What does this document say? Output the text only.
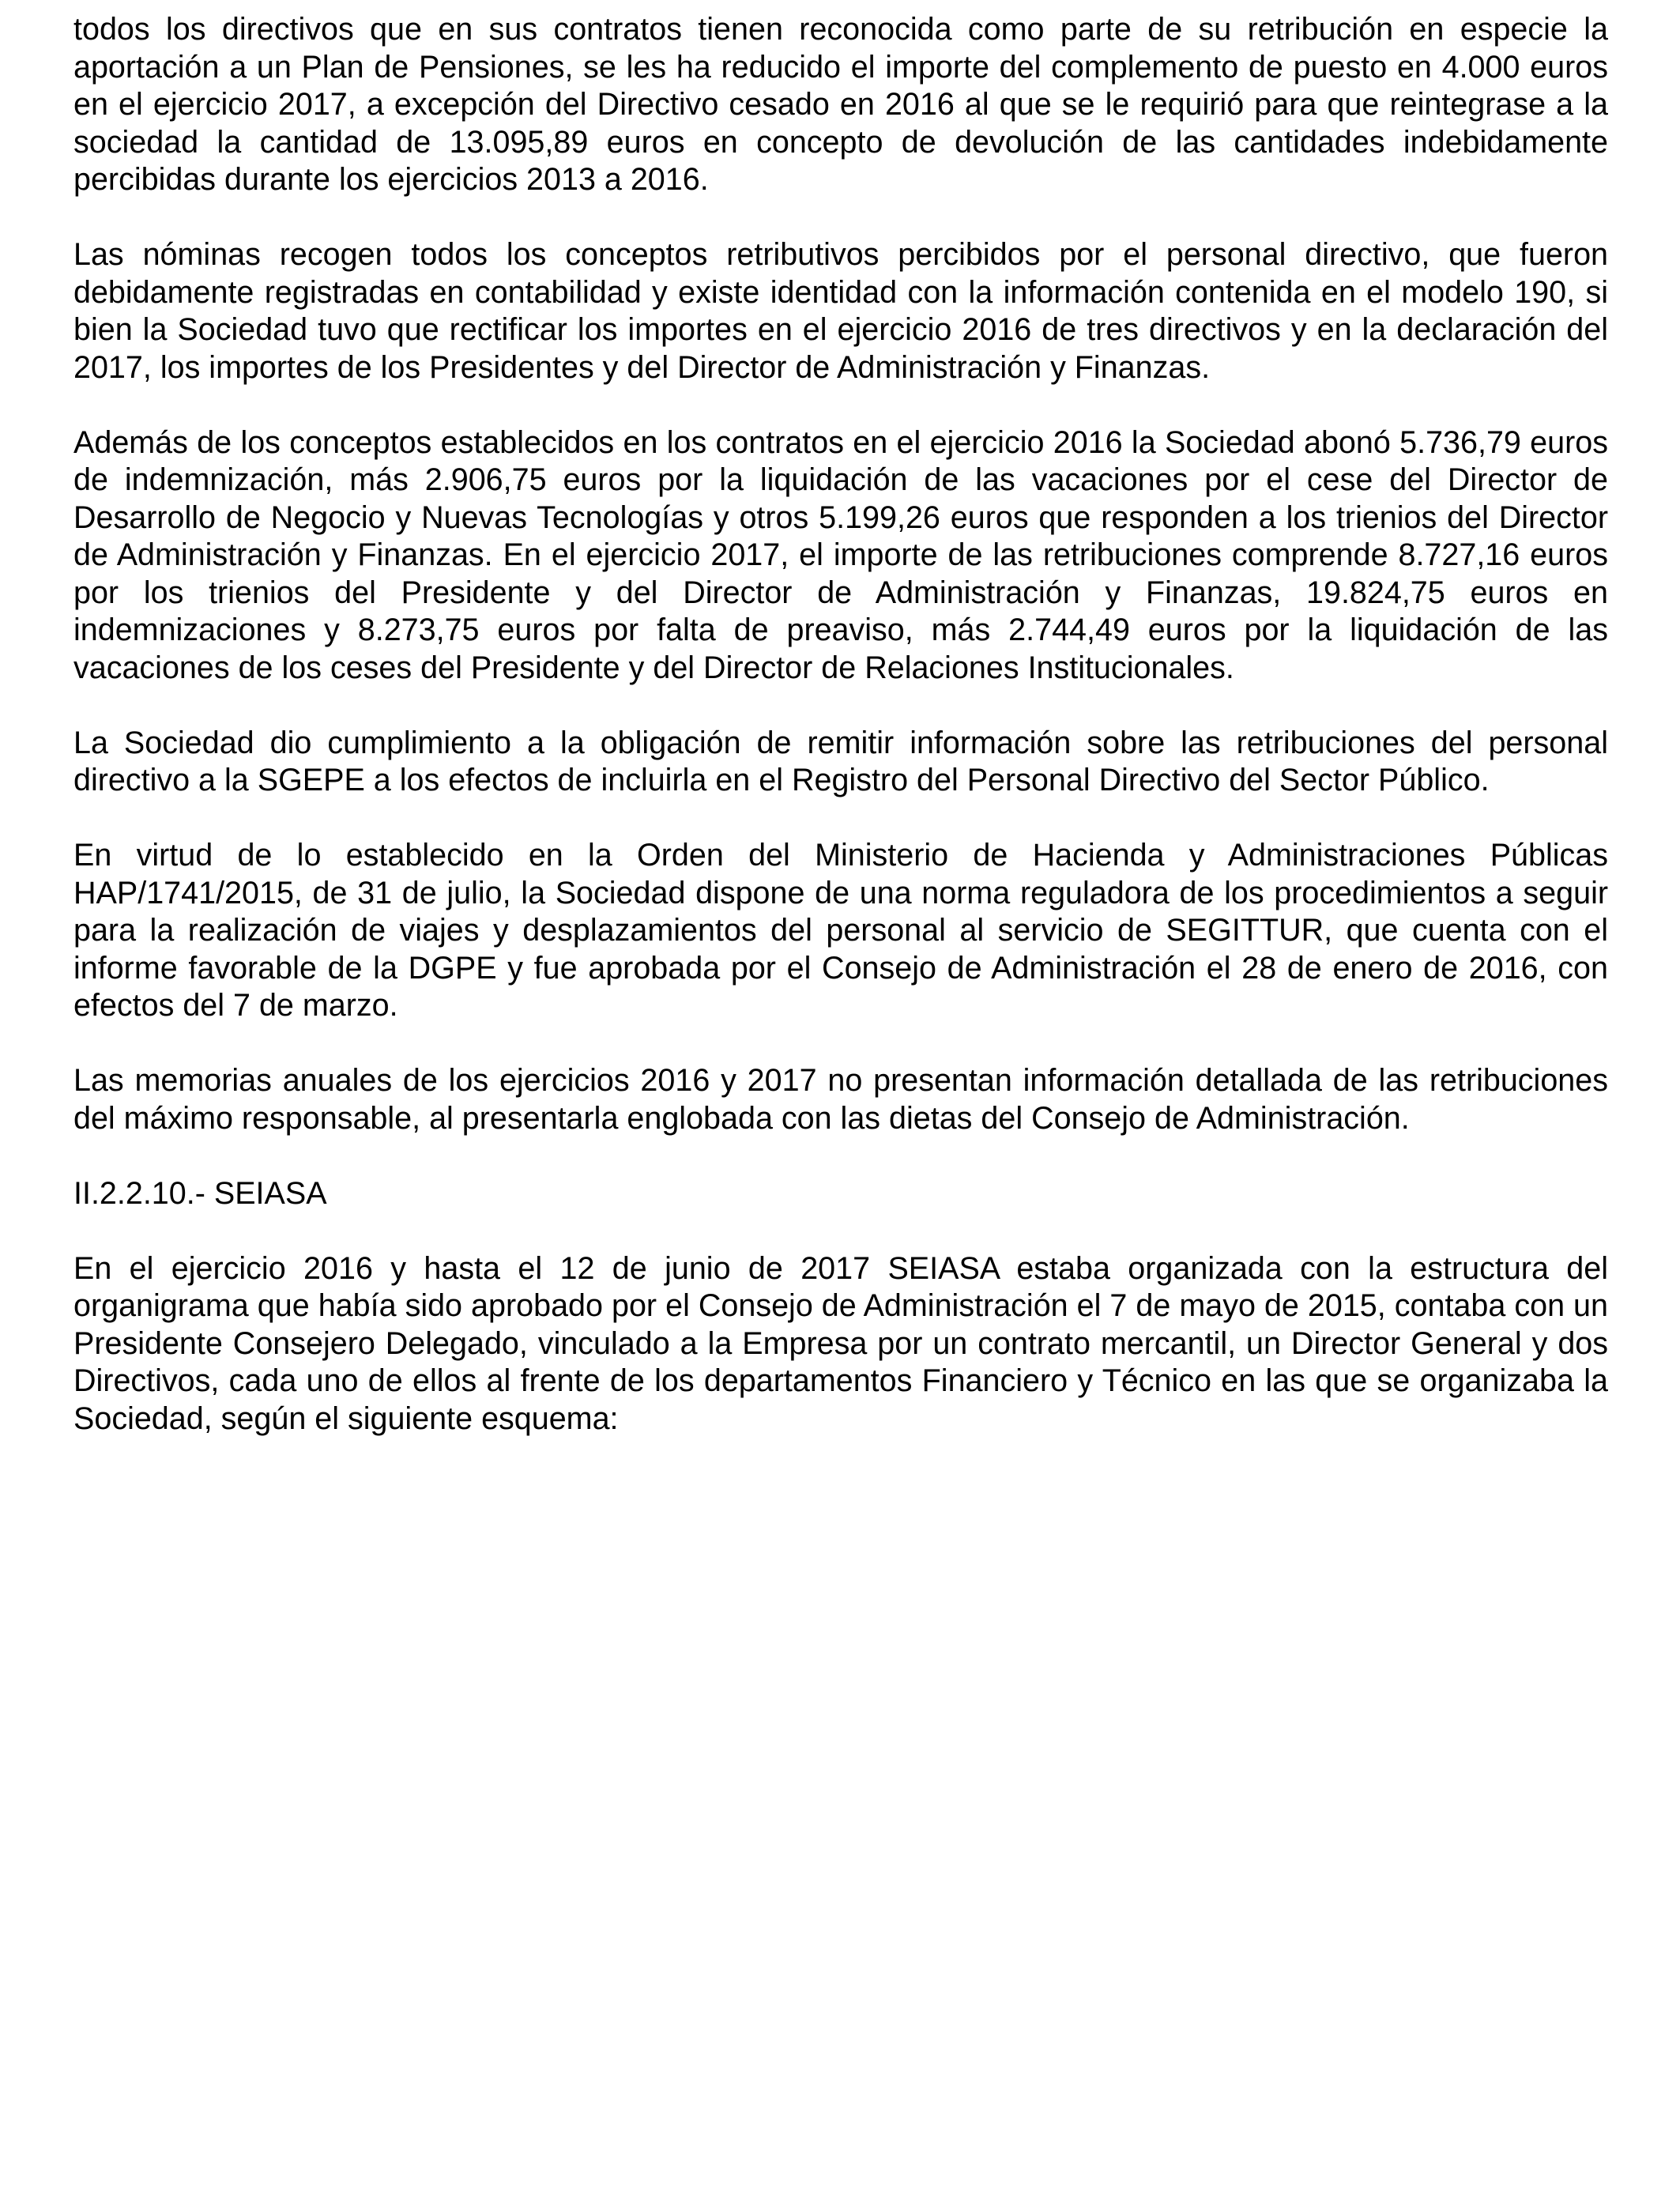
todos los directivos que en sus contratos tienen reconocida como parte de su retribución en especie la aportación a un Plan de Pensiones, se les ha reducido el importe del complemento de puesto en 4.000 euros en el ejercicio 2017, a excepción del Directivo cesado en 2016 al que se le requirió para que reintegrase a la sociedad la cantidad de 13.095,89 euros en concepto de devolución de las cantidades indebidamente percibidas durante los ejercicios 2013 a 2016.

Las nóminas recogen todos los conceptos retributivos percibidos por el personal directivo, que fueron debidamente registradas en contabilidad y existe identidad con la información contenida en el modelo 190, si bien la Sociedad tuvo que rectificar los importes en el ejercicio 2016 de tres directivos y en la declaración del 2017, los importes de los Presidentes y del Director de Administración y Finanzas.

Además de los conceptos establecidos en los contratos en el ejercicio 2016 la Sociedad abonó 5.736,79 euros de indemnización, más 2.906,75 euros por la liquidación de las vacaciones por el cese del Director de Desarrollo de Negocio y Nuevas Tecnologías y otros 5.199,26 euros que responden a los trienios del Director de Administración y Finanzas. En el ejercicio 2017, el importe de las retribuciones comprende 8.727,16 euros por los trienios del Presidente y del Director de Administración y Finanzas, 19.824,75 euros en indemnizaciones y 8.273,75 euros por falta de preaviso, más 2.744,49 euros por la liquidación de las vacaciones de los ceses del Presidente y del Director de Relaciones Institucionales.

La Sociedad dio cumplimiento a la obligación de remitir información sobre las retribuciones del personal directivo a la SGEPE a los efectos de incluirla en el Registro del Personal Directivo del Sector Público.

En virtud de lo establecido en la Orden del Ministerio de Hacienda y Administraciones Públicas HAP/1741/2015, de 31 de julio, la Sociedad dispone de una norma reguladora de los procedimientos a seguir para la realización de viajes y desplazamientos del personal al servicio de SEGITTUR, que cuenta con el informe favorable de la DGPE y fue aprobada por el Consejo de Administración el 28 de enero de 2016, con efectos del 7 de marzo.

Las memorias anuales de los ejercicios 2016 y 2017 no presentan información detallada de las retribuciones del máximo responsable, al presentarla englobada con las dietas del Consejo de Administración.

II.2.2.10.- SEIASA

En el ejercicio 2016 y hasta el 12 de junio de 2017 SEIASA estaba organizada con la estructura del organigrama que había sido aprobado por el Consejo de Administración el 7 de mayo de 2015, contaba con un Presidente Consejero Delegado, vinculado a la Empresa por un contrato mercantil, un Director General y dos Directivos, cada uno de ellos al frente de los departamentos Financiero y Técnico en las que se organizaba la Sociedad, según el siguiente esquema:
